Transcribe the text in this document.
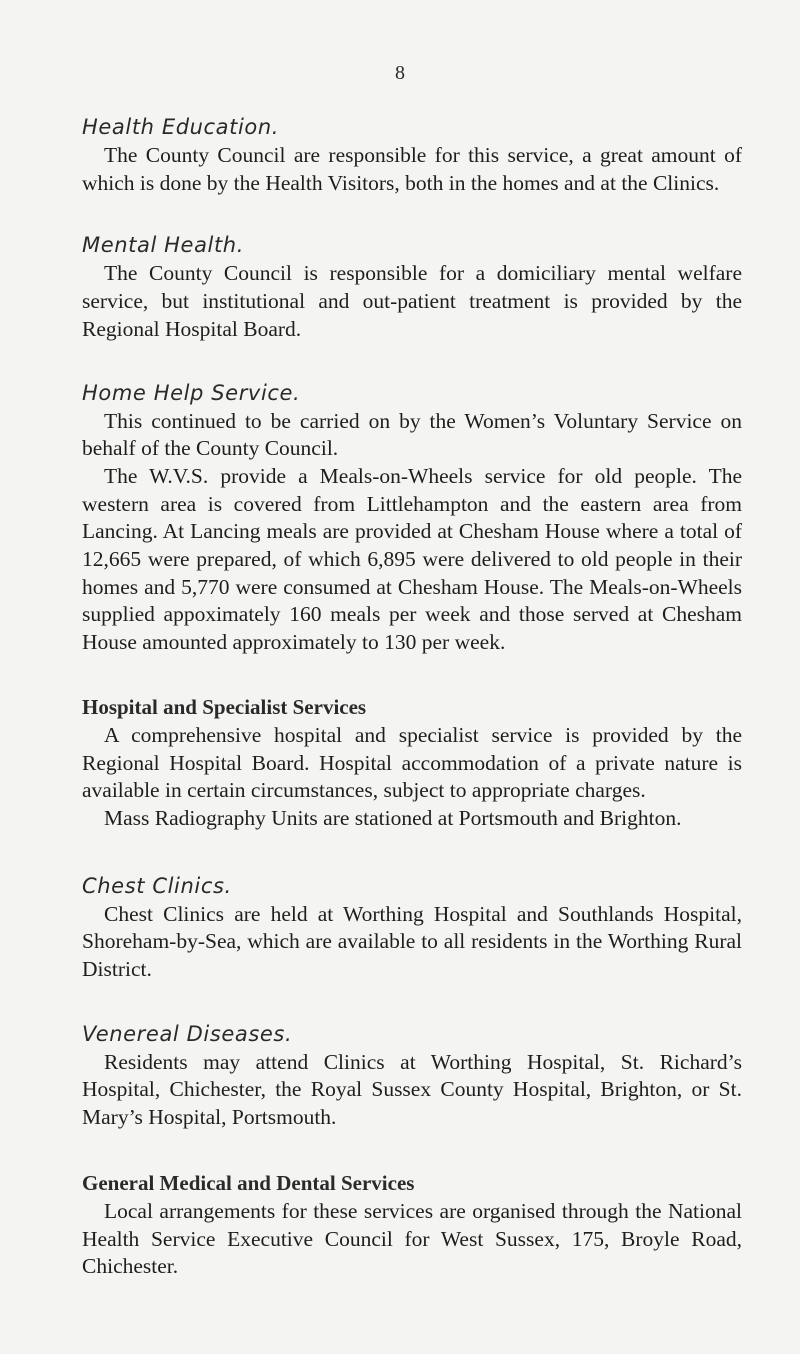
8
Health Education.

The County Council are responsible for this service, a great amount of which is done by the Health Visitors, both in the homes and at the Clinics.

Mental Health.

The County Council is responsible for a domiciliary mental welfare service, but institutional and out-patient treatment is provided by the Regional Hospital Board.

Home Help Service.

This continued to be carried on by the Women’s Voluntary Service on behalf of the County Council.

The W.V.S. provide a Meals-on-Wheels service for old people. The western area is covered from Littlehampton and the eastern area from Lancing. At Lancing meals are provided at Chesham House where a total of 12,665 were prepared, of which 6,895 were delivered to old people in their homes and 5,770 were consumed at Chesham House. The Meals-on-Wheels supplied appoximately 160 meals per week and those served at Chesham House amounted approximately to 130 per week.

Hospital and Specialist Services

A comprehensive hospital and specialist service is provided by the Regional Hospital Board. Hospital accommodation of a private nature is available in certain circumstances, subject to appropriate charges.

Mass Radiography Units are stationed at Portsmouth and Brighton.

Chest Clinics.

Chest Clinics are held at Worthing Hospital and Southlands Hospital, Shoreham-by-Sea, which are available to all residents in the Worthing Rural District.

Venereal Diseases.

Residents may attend Clinics at Worthing Hospital, St. Richard’s Hospital, Chichester, the Royal Sussex County Hospital, Brighton, or St. Mary’s Hospital, Portsmouth.

General Medical and Dental Services

Local arrangements for these services are organised through the National Health Service Executive Council for West Sussex, 175, Broyle Road, Chichester.
